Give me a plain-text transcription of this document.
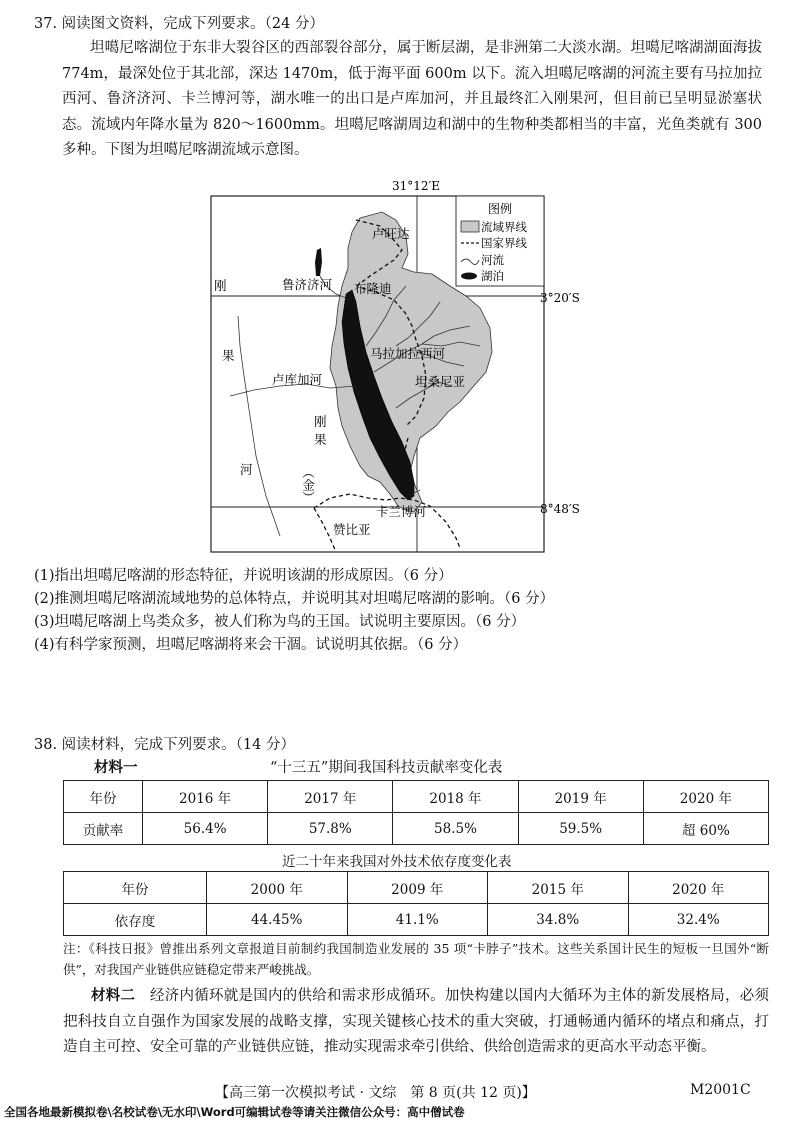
37. 阅读图文资料，完成下列要求。（24 分）
坦噶尼喀湖位于东非大裂谷区的西部裂谷部分，属于断层湖，是非洲第二大淡水湖。坦噶尼喀湖湖面海拔 774m，最深处位于其北部，深达 1470m，低于海平面 600m 以下。流入坦噶尼喀湖的河流主要有马拉加拉西河、鲁济济河、卡兰博河等，湖水唯一的出口是卢库加河，并且最终汇入刚果河，但目前已呈明显淤塞状态。流域内年降水量为 820～1600mm。坦噶尼喀湖周边和湖中的生物种类都相当的丰富，光鱼类就有 300 多种。下图为坦噶尼喀湖流域示意图。
图例
流域界线
国家界线
河流
湖泊
31°12′E
3°20′S
8°48′S
卢旺达
鲁济济河 布隆迪
刚
果
河
卢库加河
马拉加拉西河
坦桑尼亚
刚
果
（金）
赞比亚
卡兰博河
(1)指出坦噶尼喀湖的形态特征，并说明该湖的形成原因。（6 分）
(2)推测坦噶尼喀湖流域地势的总体特点，并说明其对坦噶尼喀湖的影响。（6 分）
(3)坦噶尼喀湖上鸟类众多，被人们称为鸟的王国。试说明主要原因。（6 分）
(4)有科学家预测，坦噶尼喀湖将来会干涸。试说明其依据。（6 分）
38. 阅读材料，完成下列要求。（14 分）
材料一	“十三五”期间我国科技贡献率变化表
年份	2016 年	2017 年	2018 年	2019 年	2020 年
贡献率	56.4%	57.8%	58.5%	59.5%	超 60%
近二十年来我国对外技术依存度变化表
年份	2000 年	2009 年	2015 年	2020 年
依存度	44.45%	41.1%	34.8%	32.4%
注：《科技日报》曾推出系列文章报道目前制约我国制造业发展的 35 项“卡脖子”技术。这些关系国计民生的短板一旦国外“断供”，对我国产业链供应链稳定带来严峻挑战。
材料二　 经济内循环就是国内的供给和需求形成循环。加快构建以国内大循环为主体的新发展格局，必须把科技自立自强作为国家发展的战略支撑，实现关键核心技术的重大突破，打通畅通内循环的堵点和痛点，打造自主可控、安全可靠的产业链供应链，推动实现需求牵引供给、供给创造需求的更高水平动态平衡。
【高三第一次模拟考试 · 文综　第 8 页(共 12 页)】	M2001C
全国各地最新模拟卷\名校试卷\无水印\Word可编辑试卷等请关注微信公众号：高中僧试卷
